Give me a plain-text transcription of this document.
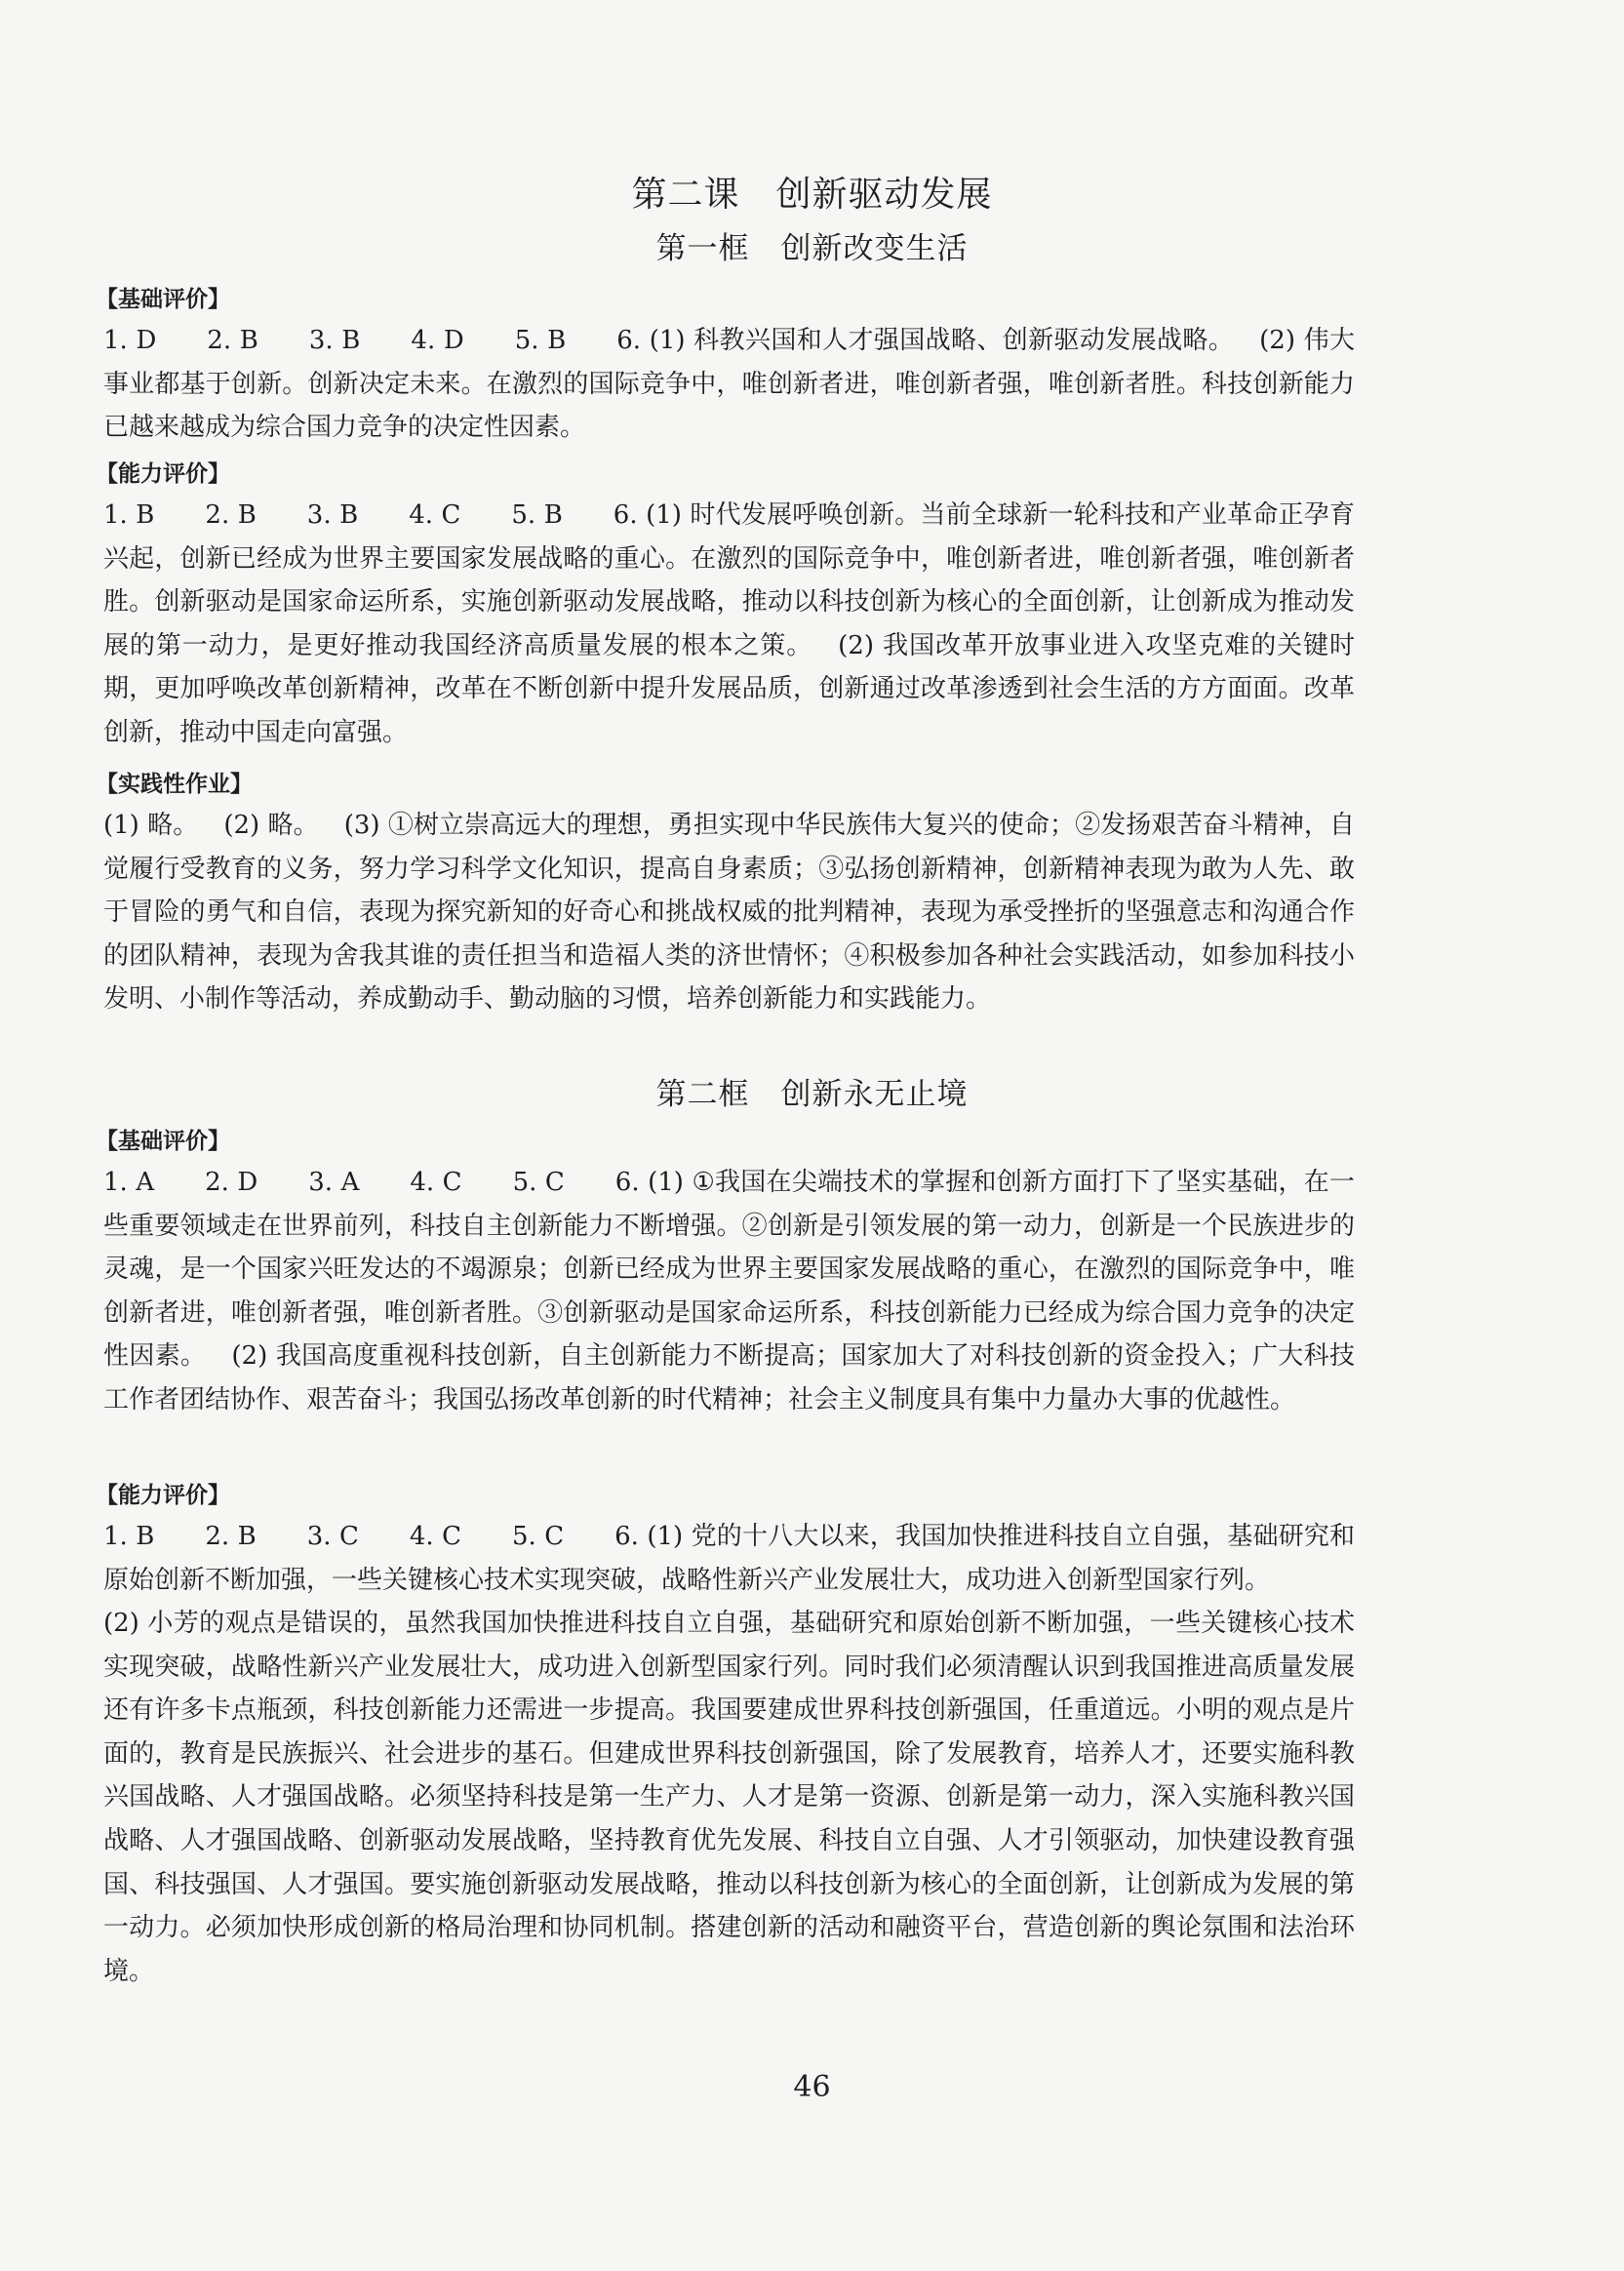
第二课　创新驱动发展
第一框　创新改变生活
【基础评价】

1. D  2. B  3. B  4. D  5. B  6. (1) 科教兴国和人才强国战略、创新驱动发展战略。 (2) 伟大事业都基于创新。创新决定未来。在激烈的国际竞争中，唯创新者进，唯创新者强，唯创新者胜。科技创新能力已越来越成为综合国力竞争的决定性因素。

【能力评价】

1. B  2. B  3. B  4. C  5. B  6. (1) 时代发展呼唤创新。当前全球新一轮科技和产业革命正孕育兴起，创新已经成为世界主要国家发展战略的重心。在激烈的国际竞争中，唯创新者进，唯创新者强，唯创新者胜。创新驱动是国家命运所系，实施创新驱动发展战略，推动以科技创新为核心的全面创新，让创新成为推动发展的第一动力，是更好推动我国经济高质量发展的根本之策。 (2) 我国改革开放事业进入攻坚克难的关键时期，更加呼唤改革创新精神，改革在不断创新中提升发展品质，创新通过改革渗透到社会生活的方方面面。改革创新，推动中国走向富强。

【实践性作业】

(1) 略。 (2) 略。 (3) ①树立崇高远大的理想，勇担实现中华民族伟大复兴的使命；②发扬艰苦奋斗精神，自觉履行受教育的义务，努力学习科学文化知识，提高自身素质；③弘扬创新精神，创新精神表现为敢为人先、敢于冒险的勇气和自信，表现为探究新知的好奇心和挑战权威的批判精神，表现为承受挫折的坚强意志和沟通合作的团队精神，表现为舍我其谁的责任担当和造福人类的济世情怀；④积极参加各种社会实践活动，如参加科技小发明、小制作等活动，养成勤动手、勤动脑的习惯，培养创新能力和实践能力。

第二框　创新永无止境
【基础评价】

1. A  2. D  3. A  4. C  5. C  6. (1) ①我国在尖端技术的掌握和创新方面打下了坚实基础，在一些重要领域走在世界前列，科技自主创新能力不断增强。②创新是引领发展的第一动力，创新是一个民族进步的灵魂，是一个国家兴旺发达的不竭源泉；创新已经成为世界主要国家发展战略的重心，在激烈的国际竞争中，唯创新者进，唯创新者强，唯创新者胜。③创新驱动是国家命运所系，科技创新能力已经成为综合国力竞争的决定性因素。 (2) 我国高度重视科技创新，自主创新能力不断提高；国家加大了对科技创新的资金投入；广大科技工作者团结协作、艰苦奋斗；我国弘扬改革创新的时代精神；社会主义制度具有集中力量办大事的优越性。

【能力评价】

1. B  2. B  3. C  4. C  5. C  6. (1) 党的十八大以来，我国加快推进科技自立自强，基础研究和原始创新不断加强，一些关键核心技术实现突破，战略性新兴产业发展壮大，成功进入创新型国家行列。

(2) 小芳的观点是错误的，虽然我国加快推进科技自立自强，基础研究和原始创新不断加强，一些关键核心技术实现突破，战略性新兴产业发展壮大，成功进入创新型国家行列。同时我们必须清醒认识到我国推进高质量发展还有许多卡点瓶颈，科技创新能力还需进一步提高。我国要建成世界科技创新强国，任重道远。小明的观点是片面的，教育是民族振兴、社会进步的基石。但建成世界科技创新强国，除了发展教育，培养人才，还要实施科教兴国战略、人才强国战略。必须坚持科技是第一生产力、人才是第一资源、创新是第一动力，深入实施科教兴国战略、人才强国战略、创新驱动发展战略，坚持教育优先发展、科技自立自强、人才引领驱动，加快建设教育强国、科技强国、人才强国。要实施创新驱动发展战略，推动以科技创新为核心的全面创新，让创新成为发展的第一动力。必须加快形成创新的格局治理和协同机制。搭建创新的活动和融资平台，营造创新的舆论氛围和法治环境。

46
